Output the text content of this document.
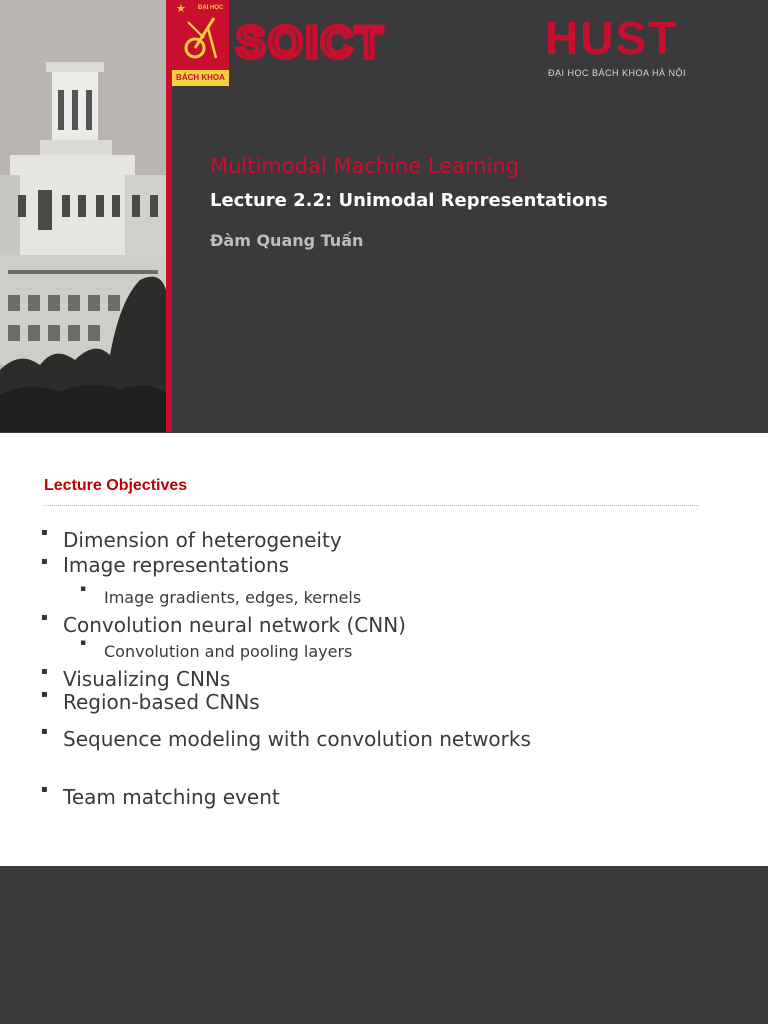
★ ĐẠI HỌC
BÁCH KHOA
SOICT	HUST
ĐẠI HỌC BÁCH KHOA HÀ NỘI
Multimodal Machine Learning
Lecture 2.2: Unimodal Representations
Đàm Quang Tuấn
Lecture Objectives
▪ Dimension of heterogeneity
▪ Image representations
▪ Image gradients, edges, kernels
▪ Convolution neural network (CNN)
▪ Convolution and pooling layers
▪ Visualizing CNNs
▪ Region-based CNNs
▪ Sequence modeling with convolution networks
▪ Team matching event
